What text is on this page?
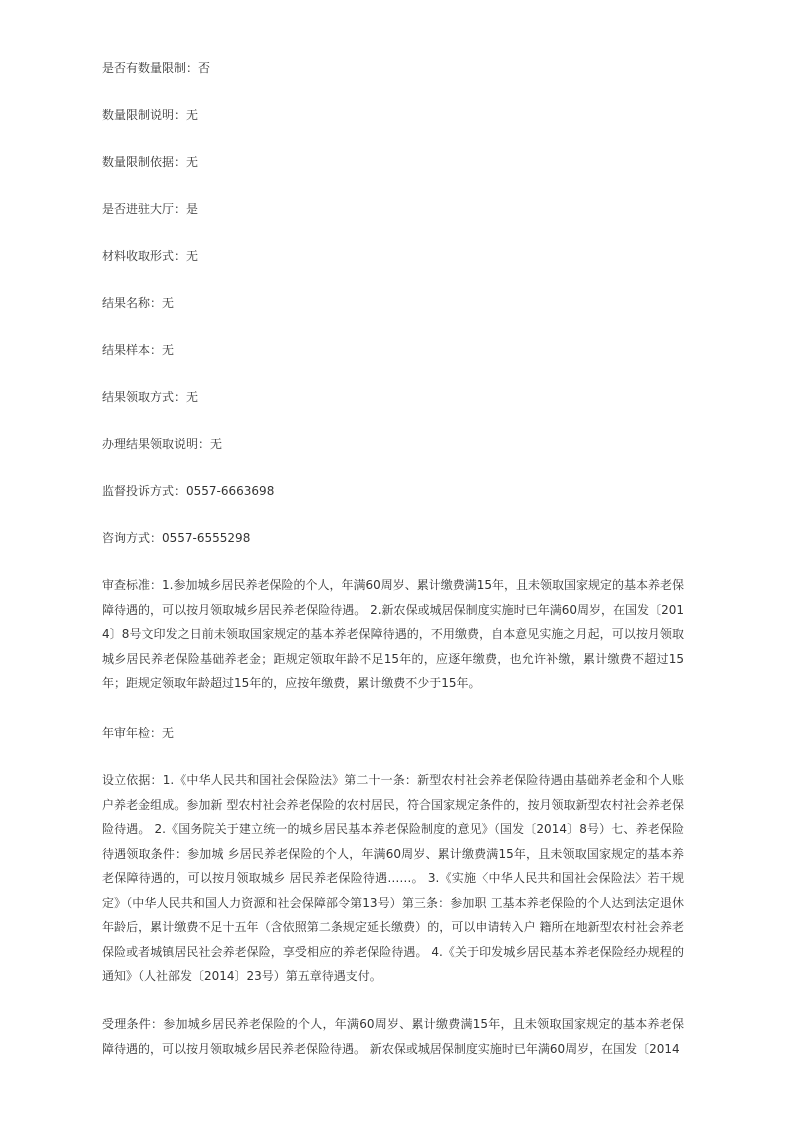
是否有数量限制：否

数量限制说明：无

数量限制依据：无

是否进驻大厅：是

材料收取形式：无

结果名称：无

结果样本：无

结果领取方式：无

办理结果领取说明：无

监督投诉方式：0557-6663698

咨询方式：0557-6555298

审查标准：1.参加城乡居民养老保险的个人，年满60周岁、累计缴费满15年，且未领取国家规定的基本养老保障待遇的，可以按月领取城乡居民养老保险待遇。 2.新农保或城居保制度实施时已年满60周岁，在国发〔2014〕8号文印发之日前未领取国家规定的基本养老保障待遇的，不用缴费，自本意见实施之月起，可以按月领取城乡居民养老保险基础养老金；距规定领取年龄不足15年的，应逐年缴费，也允许补缴，累计缴费不超过15年；距规定领取年龄超过15年的，应按年缴费，累计缴费不少于15年。

年审年检：无

设立依据：1.《中华人民共和国社会保险法》第二十一条：新型农村社会养老保险待遇由基础养老金和个人账户养老金组成。参加新 型农村社会养老保险的农村居民，符合国家规定条件的，按月领取新型农村社会养老保险待遇。 2.《国务院关于建立统一的城乡居民基本养老保险制度的意见》（国发〔2014〕8号）七、养老保险待遇领取条件：参加城 乡居民养老保险的个人，年满60周岁、累计缴费满15年，且未领取国家规定的基本养老保障待遇的，可以按月领取城乡 居民养老保险待遇……。 3.《实施〈中华人民共和国社会保险法〉若干规定》（中华人民共和国人力资源和社会保障部令第13号）第三条：参加职 工基本养老保险的个人达到法定退休年龄后，累计缴费不足十五年（含依照第二条规定延长缴费）的，可以申请转入户 籍所在地新型农村社会养老保险或者城镇居民社会养老保险，享受相应的养老保险待遇。 4.《关于印发城乡居民基本养老保险经办规程的通知》（人社部发〔2014〕23号）第五章待遇支付。

受理条件：参加城乡居民养老保险的个人，年满60周岁、累计缴费满15年，且未领取国家规定的基本养老保障待遇的，可以按月领取城乡居民养老保险待遇。 新农保或城居保制度实施时已年满60周岁，在国发〔2014
